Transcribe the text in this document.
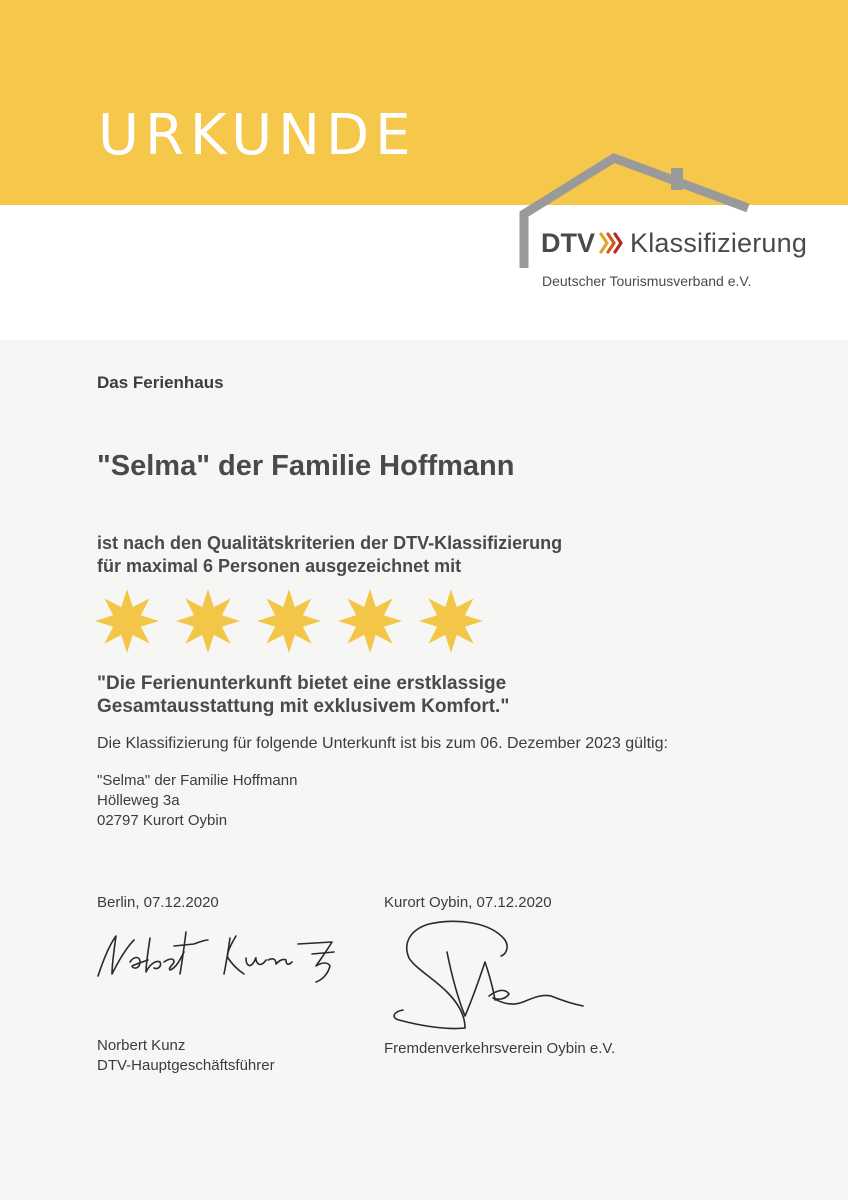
URKUNDE
DTV Klassifizierung
Deutscher Tourismusverband e.V.
Das Ferienhaus
"Selma" der Familie Hoffmann
ist nach den Qualitätskriterien der DTV-Klassifizierung
für maximal 6 Personen ausgezeichnet mit
"Die Ferienunterkunft bietet eine erstklassige
Gesamtausstattung mit exklusivem Komfort."
Die Klassifizierung für folgende Unterkunft ist bis zum 06. Dezember 2023 gültig:
"Selma" der Familie Hoffmann
Hölleweg 3a
02797 Kurort Oybin
Berlin, 07.12.2020	Kurort Oybin, 07.12.2020
Norbert Kunz
DTV-Hauptgeschäftsführer
Fremdenverkehrsverein Oybin e.V.
